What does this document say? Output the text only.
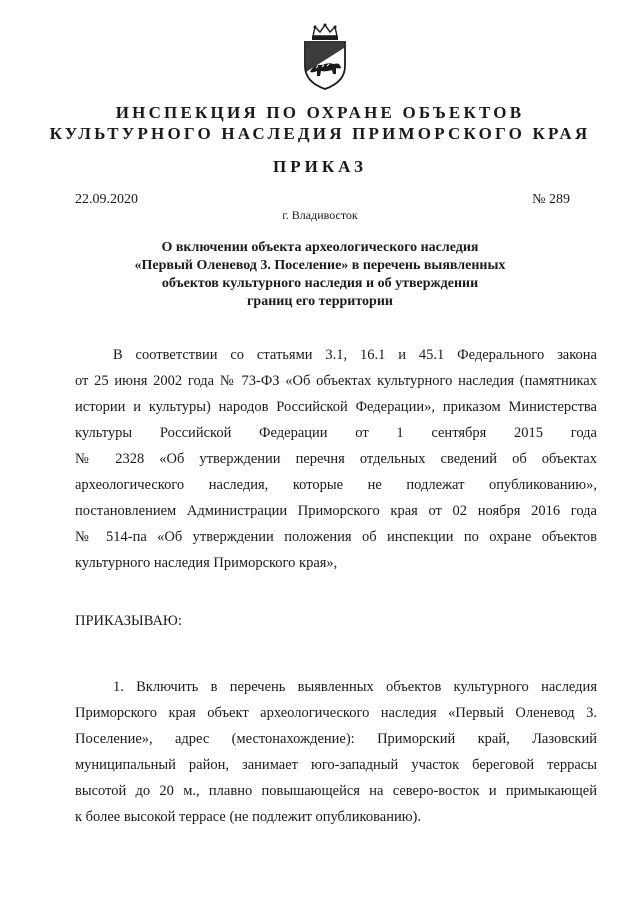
ИНСПЕКЦИЯ ПО ОХРАНЕ ОБЪЕКТОВ
КУЛЬТУРНОГО НАСЛЕДИЯ ПРИМОРСКОГО КРАЯ
ПРИКАЗ
22.09.2020	№ 289
г. Владивосток
О включении объекта археологического наследия
«Первый Оленевод 3. Поселение» в перечень выявленных
объектов культурного наследия и об утверждении
границ его территории
В соответствии со статьями 3.1, 16.1 и 45.1 Федерального закона
от 25 июня 2002 года № 73-ФЗ «Об объектах культурного наследия (памятниках
истории и культуры) народов Российской Федерации», приказом Министерства
культуры Российской Федерации от 1 сентября 2015 года
№ 2328 «Об утверждении перечня отдельных сведений об объектах
археологического наследия, которые не подлежат опубликованию»,
постановлением Администрации Приморского края от 02 ноября 2016 года
№ 514-па «Об утверждении положения об инспекции по охране объектов
культурного наследия Приморского края»,
ПРИКАЗЫВАЮ:
1. Включить в перечень выявленных объектов культурного наследия
Приморского края объект археологического наследия «Первый Оленевод 3.
Поселение», адрес (местонахождение): Приморский край, Лазовский
муниципальный район, занимает юго-западный участок береговой террасы
высотой до 20 м., плавно повышающейся на северо-восток и примыкающей
к более высокой террасе (не подлежит опубликованию).
